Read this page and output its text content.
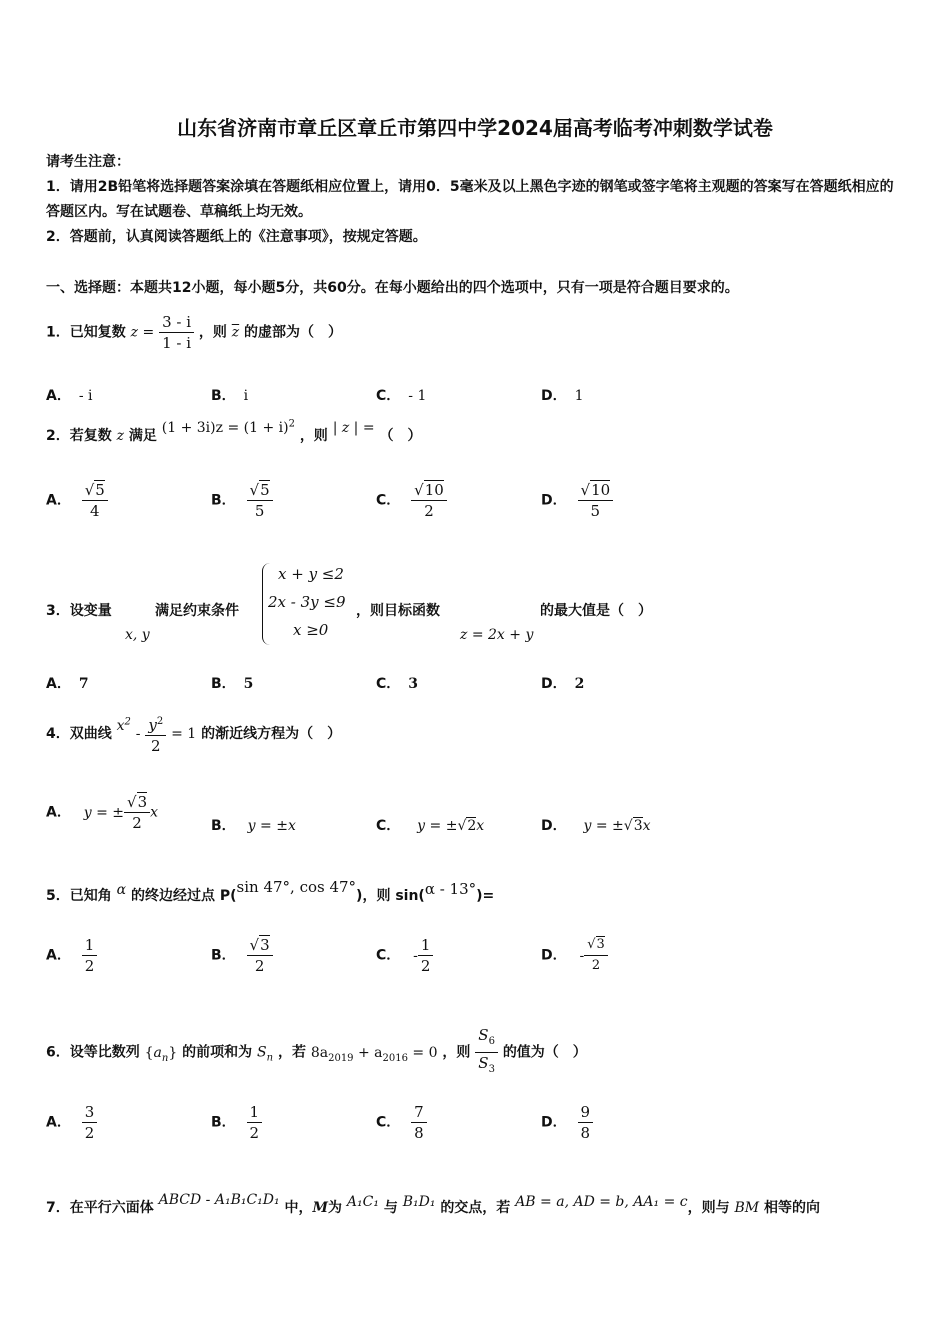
山东省济南市章丘区章丘市第四中学2024届高考临考冲刺数学试卷
请考生注意：
1．请用2B铅笔将选择题答案涂填在答题纸相应位置上，请用0．5毫米及以上黑色字迹的钢笔或签字笔将主观题的答案写在答题纸相应的答题区内。写在试题卷、草稿纸上均无效。
2．答题前，认真阅读答题纸上的《注意事项》，按规定答题。
一、选择题：本题共12小题，每小题5分，共60分。在每小题给出的四个选项中，只有一项是符合题目要求的。
1．已知复数 $z = \frac{3 - i}{1 - i}$ ，则 $\overline{z}$ 的虚部为（　）
A． - i	B． i	C． - 1	D． 1
2．若复数 z 满足 $(1 + 3i)z = (1 + i)^2$ ，则 | z | = （　）
A． $\frac{√5}{4}$	B． $\frac{√5}{5}$	C． $\frac{√10}{2}$	D． $\frac{√10}{5}$
3．设变量
x, y
满足约束条件
x + y ≤2
2x - 3y ≤9
x ≥0
，则目标函数
z = 2x + y
的最大值是（　）
A． 7	B． 5	C． 3	D． 2
4．双曲线 $x^2 - \frac{y^2}{2} = 1$ 的渐近线方程为（　）
A． y = ± $\frac{√3}{2}$ x
B． y = ±x	C． y = ±√2x	D． y = ±√3x
5．已知角 α 的终边经过点 P(sin 47°, cos 47°)，则 sin(α - 13°)=
A． $\frac{1}{2}$	B． $\frac{√3}{2}$	C． - $\frac{1}{2}$	D． - $\frac{√3}{2}$
6．设等比数列 $\{a_n\}$ 的前项和为 $S_n$ ，若 $8a_{2019} + a_{2016} = 0$ ，则 $\frac{S_6}{S_3}$ 的值为（　）
A． $\frac{3}{2}$	B． $\frac{1}{2}$	C． $\frac{7}{8}$	D． $\frac{9}{8}$
7．在平行六面体 ABCD - A₁B₁C₁D₁ 中，M为 A₁C₁ 与 B₁D₁ 的交点，若 AB = a, AD = b, AA₁ = c，则与 BM 相等的向
